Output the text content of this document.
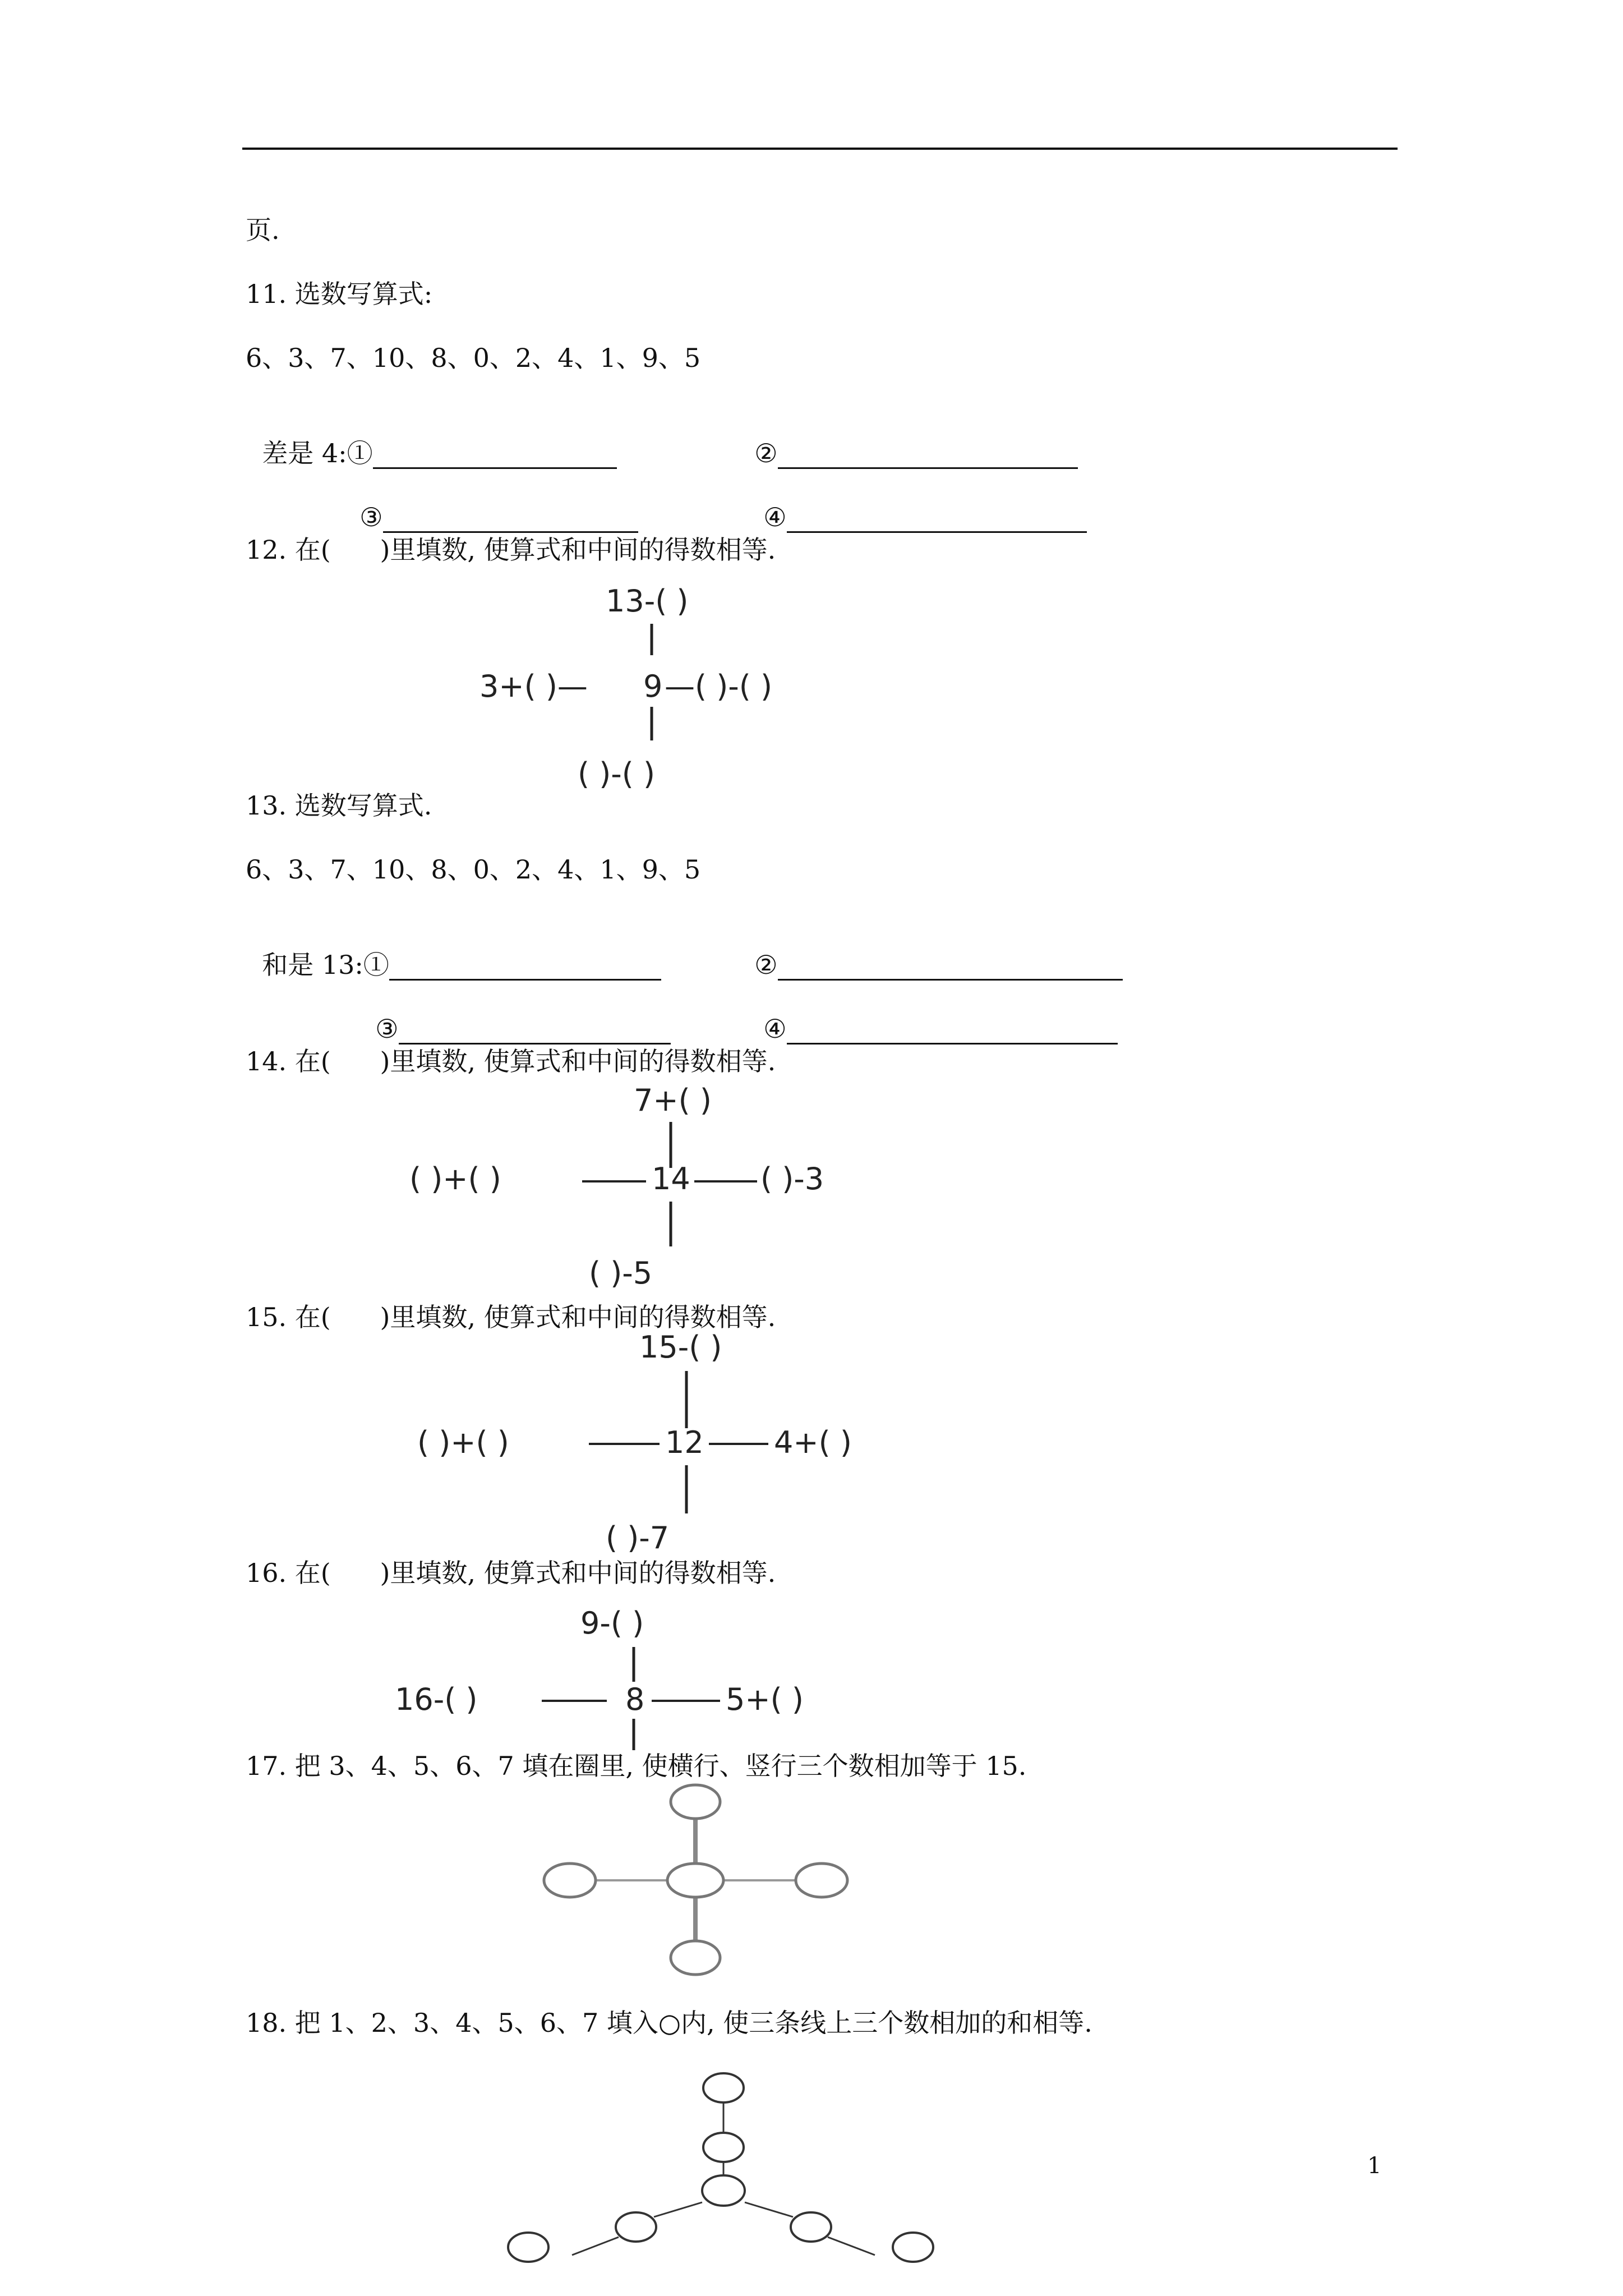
页.
11. 选数写算式:
6、3、7、10、8、0、2、4、1、9、5

差是 4:①	②

③	④

12. 在(      )里填数, 使算式和中间的得数相等.
13-( )
3+( )— 9 —( )-( )
( )-( )
13. 选数写算式.
6、3、7、10、8、0、2、4、1、9、5

和是 13:①	②

③	④

14. 在(      )里填数, 使算式和中间的得数相等.
7+( )
( )+( )	14 ( )-3
( )-5
15. 在(      )里填数, 使算式和中间的得数相等.
15-( )
( )+( )	12 4+( )
( )-7
16. 在(      )里填数, 使算式和中间的得数相等.
9-( )
16-( )	8	5+( )
17. 把 3、4、5、6、7 填在圈里, 使横行、竖行三个数相加等于 15.
18. 把 1、2、3、4、5、6、7 填入○内, 使三条线上三个数相加的和相等.
1
